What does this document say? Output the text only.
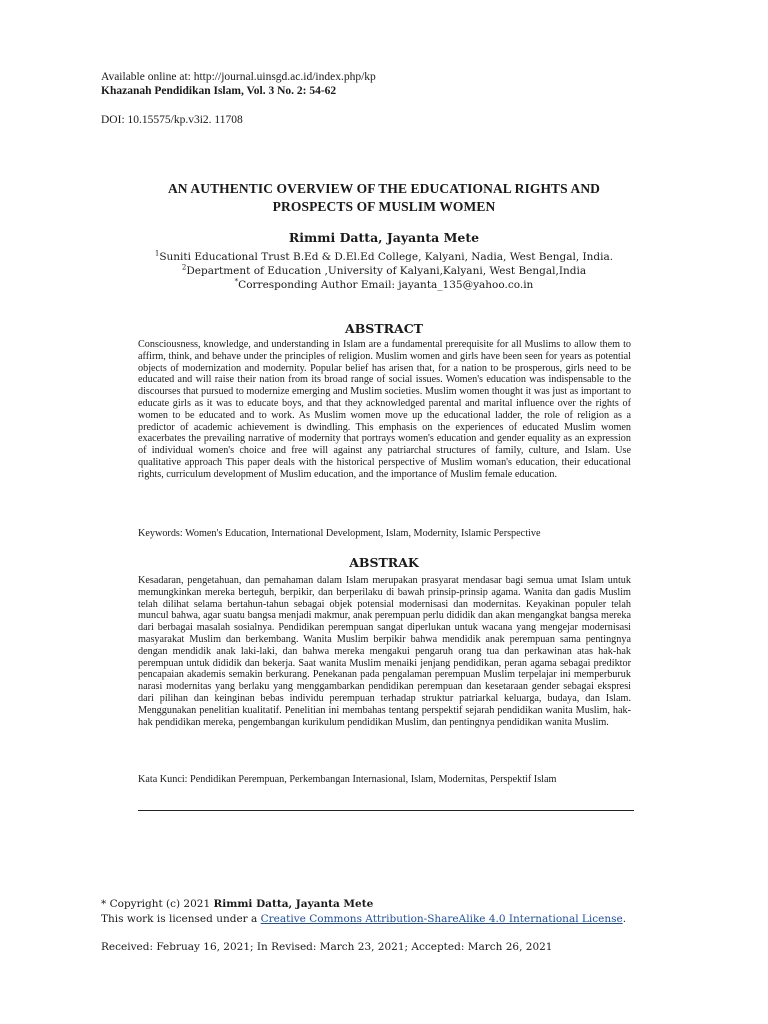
Available online at: http://journal.uinsgd.ac.id/index.php/kp
Khazanah Pendidikan Islam, Vol. 3 No. 2: 54-62
DOI: 10.15575/kp.v3i2. 11708
AN AUTHENTIC OVERVIEW OF THE EDUCATIONAL RIGHTS AND
PROSPECTS OF MUSLIM WOMEN
Rimmi Datta, Jayanta Mete
$^1$Suniti Educational Trust B.Ed & D.El.Ed College, Kalyani, Nadia, West Bengal, India.
$^2$Department of Education ,University of Kalyani,Kalyani, West Bengal,India
*Corresponding Author Email: jayanta_135@yahoo.co.in
ABSTRACT

Consciousness, knowledge, and understanding in Islam are a fundamental prerequisite for all Muslims to allow them to affirm, think, and behave under the principles of religion. Muslim women and girls have been seen for years as potential objects of modernization and modernity. Popular belief has arisen that, for a nation to be prosperous, girls need to be educated and will raise their nation from its broad range of social issues. Women's education was indispensable to the discourses that pursued to modernize emerging and Muslim societies. Muslim women thought it was just as important to educate girls as it was to educate boys, and that they acknowledged parental and marital influence over the rights of women to be educated and to work. As Muslim women move up the educational ladder, the role of religion as a predictor of academic achievement is dwindling. This emphasis on the experiences of educated Muslim women exacerbates the prevailing narrative of modernity that portrays women's education and gender equality as an expression of individual women's choice and free will against any patriarchal structures of family, culture, and Islam. Use qualitative approach This paper deals with the historical perspective of Muslim woman's education, their educational rights, curriculum development of Muslim education, and the importance of Muslim female education.

Keywords: Women's Education, International Development, Islam, Modernity, Islamic Perspective
ABSTRAK

Kesadaran, pengetahuan, dan pemahaman dalam Islam merupakan prasyarat mendasar bagi semua umat Islam untuk memungkinkan mereka berteguh, berpikir, dan berperilaku di bawah prinsip-prinsip agama. Wanita dan gadis Muslim telah dilihat selama bertahun-tahun sebagai objek potensial modernisasi dan modernitas. Keyakinan populer telah muncul bahwa, agar suatu bangsa menjadi makmur, anak perempuan perlu dididik dan akan mengangkat bangsa mereka dari berbagai masalah sosialnya. Pendidikan perempuan sangat diperlukan untuk wacana yang mengejar modernisasi masyarakat Muslim dan berkembang. Wanita Muslim berpikir bahwa mendidik anak perempuan sama pentingnya dengan mendidik anak laki-laki, dan bahwa mereka mengakui pengaruh orang tua dan perkawinan atas hak-hak perempuan untuk dididik dan bekerja. Saat wanita Muslim menaiki jenjang pendidikan, peran agama sebagai prediktor pencapaian akademis semakin berkurang. Penekanan pada pengalaman perempuan Muslim terpelajar ini memperburuk narasi modernitas yang berlaku yang menggambarkan pendidikan perempuan dan kesetaraan gender sebagai ekspresi dari pilihan dan keinginan bebas individu perempuan terhadap struktur patriarkal keluarga, budaya, dan Islam. Menggunakan penelitian kualitatif. Penelitian ini membahas tentang perspektif sejarah pendidikan wanita Muslim, hak-hak pendidikan mereka, pengembangan kurikulum pendidikan Muslim, dan pentingnya pendidikan wanita Muslim.

Kata Kunci: Pendidikan Perempuan, Perkembangan Internasional, Islam, Modernitas, Perspektif Islam
* Copyright (c) 2021 Rimmi Datta, Jayanta Mete
This work is licensed under a Creative Commons Attribution-ShareAlike 4.0 International License.
Received: Februay 16, 2021; In Revised: March 23, 2021; Accepted: March 26, 2021
